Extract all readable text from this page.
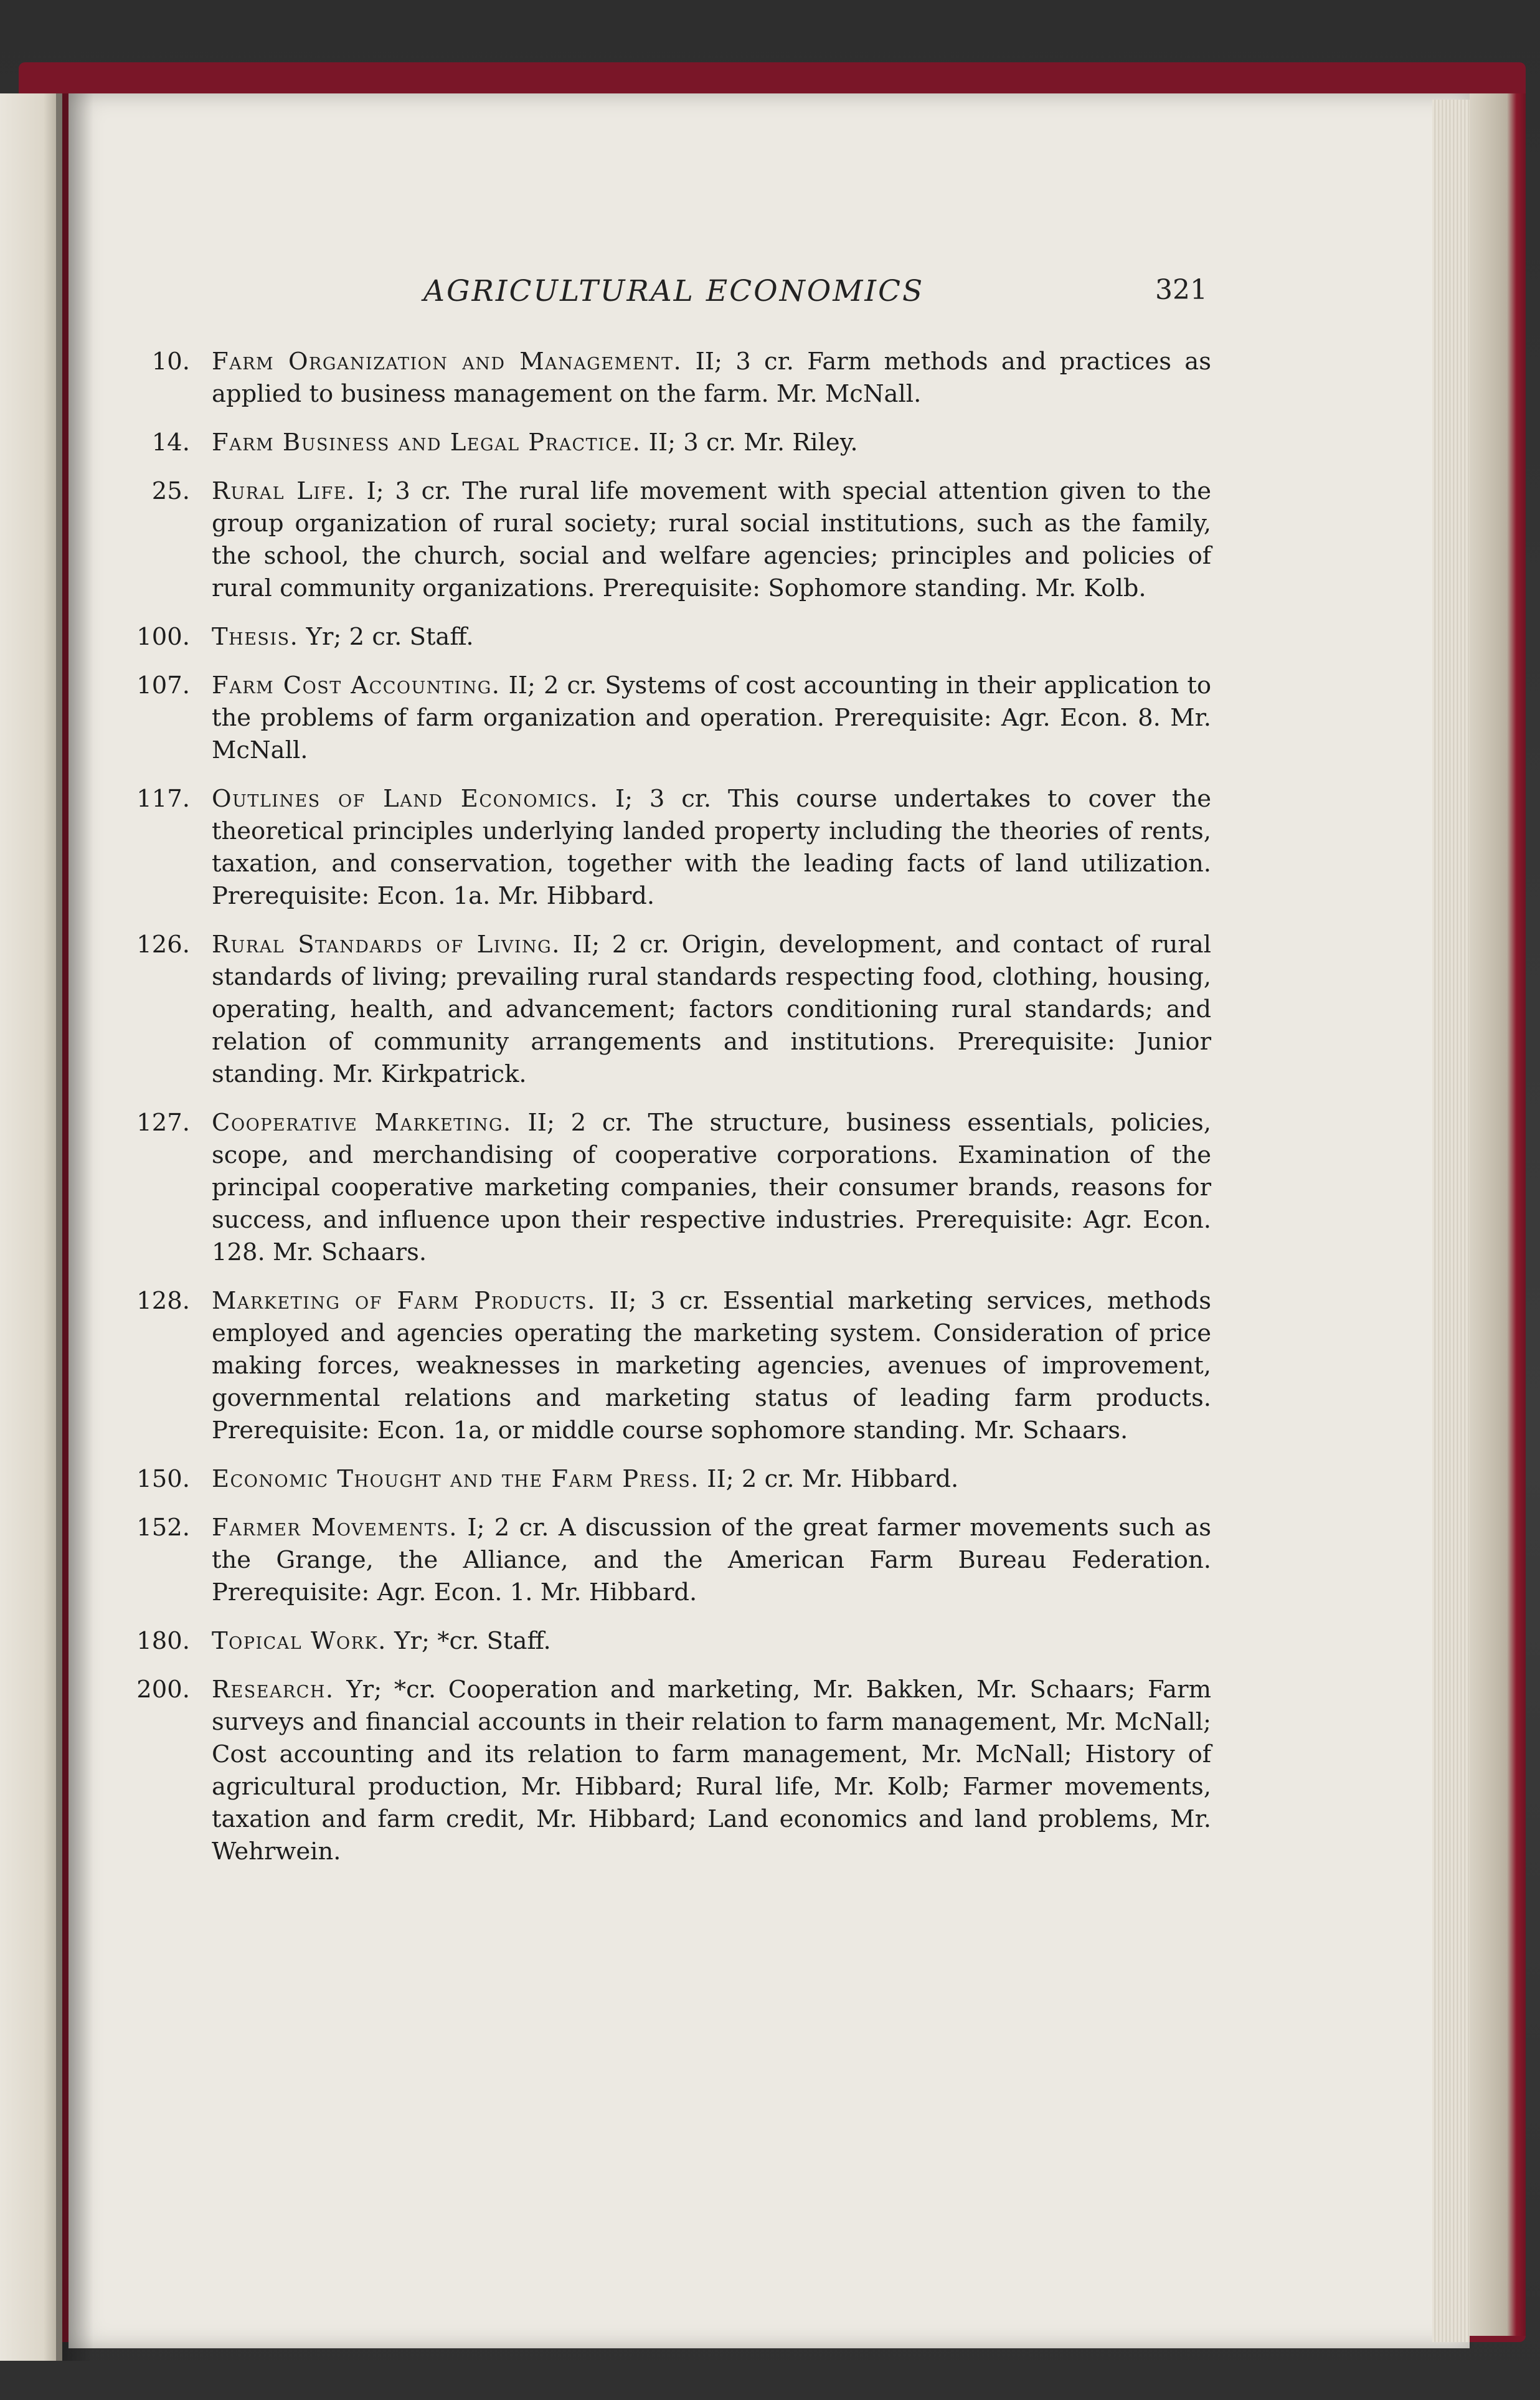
AGRICULTURAL ECONOMICS	321
10. Farm Organization and Management. II; 3 cr. Farm methods and practices as applied to business management on the farm. Mr. McNall.
14. Farm Business and Legal Practice. II; 3 cr. Mr. Riley.
25. Rural Life. I; 3 cr. The rural life movement with special attention given to the group organization of rural society; rural social institutions, such as the family, the school, the church, social and welfare agencies; principles and policies of rural community organizations. Prerequisite: Sophomore standing. Mr. Kolb.
100. Thesis. Yr; 2 cr. Staff.
107. Farm Cost Accounting. II; 2 cr. Systems of cost accounting in their application to the problems of farm organization and operation. Prerequisite: Agr. Econ. 8. Mr. McNall.
117. Outlines of Land Economics. I; 3 cr. This course undertakes to cover the theoretical principles underlying landed property including the theories of rents, taxation, and conservation, together with the leading facts of land utilization. Prerequisite: Econ. 1a. Mr. Hibbard.
126. Rural Standards of Living. II; 2 cr. Origin, development, and contact of rural standards of living; prevailing rural standards respecting food, clothing, housing, operating, health, and advancement; factors conditioning rural standards; and relation of community arrangements and institutions. Prerequisite: Junior standing. Mr. Kirkpatrick.
127. Cooperative Marketing. II; 2 cr. The structure, business essentials, policies, scope, and merchandising of cooperative corporations. Examination of the principal cooperative marketing companies, their consumer brands, reasons for success, and influence upon their respective industries. Prerequisite: Agr. Econ. 128. Mr. Schaars.
128. Marketing of Farm Products. II; 3 cr. Essential marketing services, methods employed and agencies operating the marketing system. Consideration of price making forces, weaknesses in marketing agencies, avenues of improvement, governmental relations and marketing status of leading farm products. Prerequisite: Econ. 1a, or middle course sophomore standing. Mr. Schaars.
150. Economic Thought and the Farm Press. II; 2 cr. Mr. Hibbard.
152. Farmer Movements. I; 2 cr. A discussion of the great farmer movements such as the Grange, the Alliance, and the American Farm Bureau Federation. Prerequisite: Agr. Econ. 1. Mr. Hibbard.
180. Topical Work. Yr; *cr. Staff.
200. Research. Yr; *cr. Cooperation and marketing, Mr. Bakken, Mr. Schaars; Farm surveys and financial accounts in their relation to farm management, Mr. McNall; Cost accounting and its relation to farm management, Mr. McNall; History of agricultural production, Mr. Hibbard; Rural life, Mr. Kolb; Farmer movements, taxation and farm credit, Mr. Hibbard; Land economics and land problems, Mr. Wehrwein.
